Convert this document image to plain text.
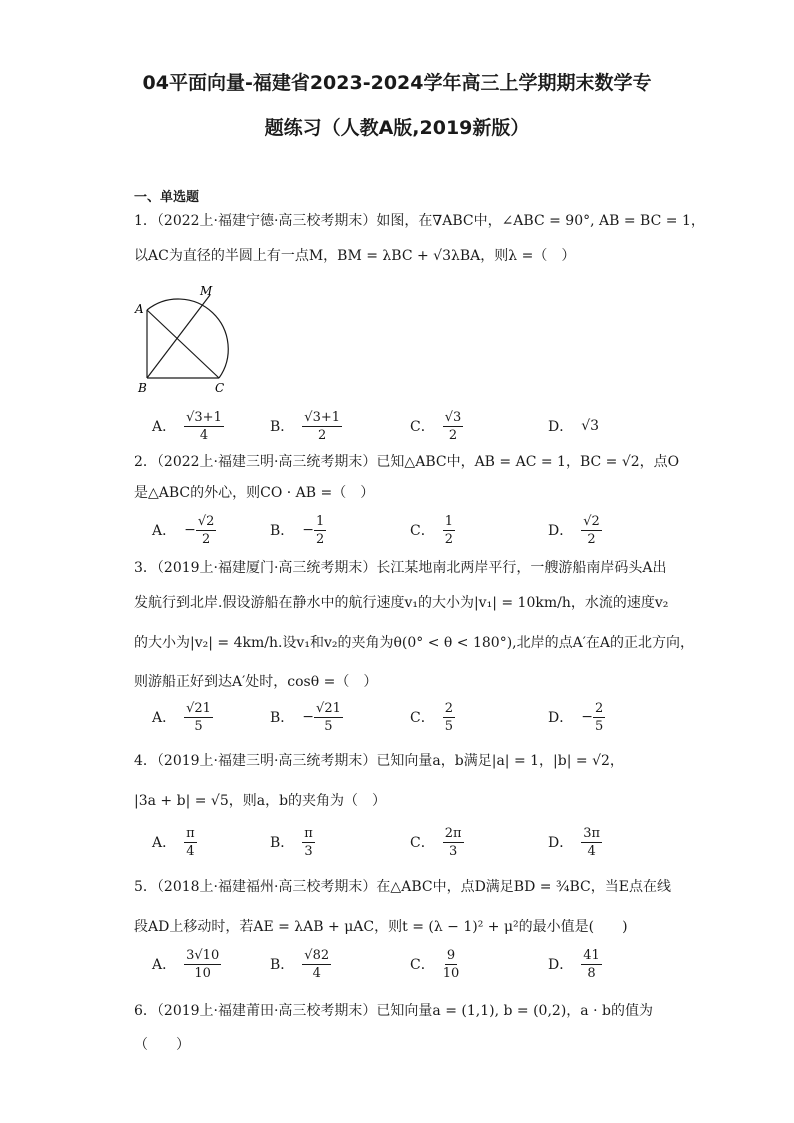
04平面向量-福建省2023-2024学年高三上学期期末数学专
题练习（人教A版,2019新版）
一、单选题
1．（2022上·福建宁德·高三校考期末）如图，在∇ABC中，∠ABC = 90°, AB = BC = 1，
以AC为直径的半圆上有一点M，BM = λBC + √3λBA，则λ =（　）
A
M
B	C
A． $\frac{√3+1}{4}$	B． $\frac{√3+1}{2}$	C． $\frac{√3}{2}$	D． √3
2．（2022上·福建三明·高三统考期末）已知△ABC中，AB = AC = 1，BC = √2，点O
是△ABC的外心，则CO · AB =（　）
A． − $\frac{√2}{2}$	B． − $\frac{1}{2}$	C． $\frac{1}{2}$	D． $\frac{√2}{2}$
3．（2019上·福建厦门·高三统考期末）长江某地南北两岸平行，一艘游船南岸码头A出
发航行到北岸.假设游船在静水中的航行速度v₁的大小为|v₁| = 10km/h，水流的速度v₂
的大小为|v₂| = 4km/h.设v₁和v₂的夹角为θ(0° < θ < 180°),北岸的点A′在A的正北方向，
则游船正好到达A′处时，cosθ =（　）
A． $\frac{√21}{5}$	B． − $\frac{√21}{5}$	C． $\frac{2}{5}$	D． − $\frac{2}{5}$
4．（2019上·福建三明·高三统考期末）已知向量a，b满足|a| = 1，|b| = √2，
|3a + b| = √5，则a，b的夹角为（　）
A． $\frac{\pi}{4}$	B． $\frac{\pi}{3}$	C． $\frac{2\pi}{3}$	D． $\frac{3\pi}{4}$
5．（2018上·福建福州·高三校考期末）在△ABC中，点D满足BD = ¾BC，当E点在线
段AD上移动时，若AE = λAB + μAC，则t = (λ − 1)² + μ²的最小值是(　　)
A． $\frac{3√10}{10}$	B． $\frac{√82}{4}$	C． $\frac{9}{10}$	D． $\frac{41}{8}$
6．（2019上·福建莆田·高三校考期末）已知向量a = (1,1), b = (0,2)，a · b的值为
（　　）
